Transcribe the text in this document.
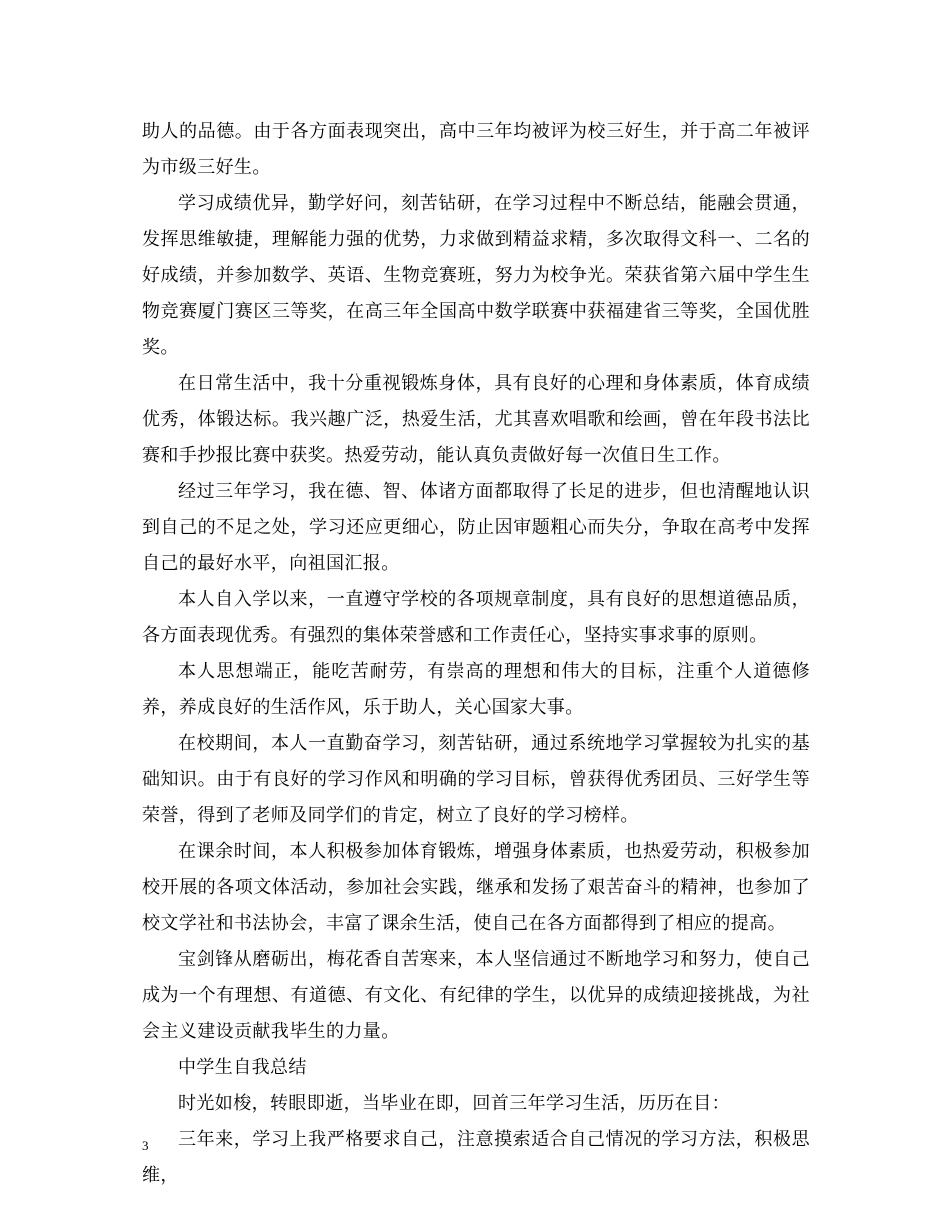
助人的品德。由于各方面表现突出，高中三年均被评为校三好生，并于高二年被评为市级三好生。

学习成绩优异，勤学好问，刻苦钻研，在学习过程中不断总结，能融会贯通，发挥思维敏捷，理解能力强的优势，力求做到精益求精，多次取得文科一、二名的好成绩，并参加数学、英语、生物竞赛班，努力为校争光。荣获省第六届中学生生物竞赛厦门赛区三等奖，在高三年全国高中数学联赛中获福建省三等奖，全国优胜奖。

在日常生活中，我十分重视锻炼身体，具有良好的心理和身体素质，体育成绩优秀，体锻达标。我兴趣广泛，热爱生活，尤其喜欢唱歌和绘画，曾在年段书法比赛和手抄报比赛中获奖。热爱劳动，能认真负责做好每一次值日生工作。

经过三年学习，我在德、智、体诸方面都取得了长足的进步，但也清醒地认识到自己的不足之处，学习还应更细心，防止因审题粗心而失分，争取在高考中发挥自己的最好水平，向祖国汇报。

本人自入学以来，一直遵守学校的各项规章制度，具有良好的思想道德品质，各方面表现优秀。有强烈的集体荣誉感和工作责任心，坚持实事求事的原则。

本人思想端正，能吃苦耐劳，有崇高的理想和伟大的目标，注重个人道德修养，养成良好的生活作风，乐于助人，关心国家大事。

在校期间，本人一直勤奋学习，刻苦钻研，通过系统地学习掌握较为扎实的基础知识。由于有良好的学习作风和明确的学习目标，曾获得优秀团员、三好学生等荣誉，得到了老师及同学们的肯定，树立了良好的学习榜样。

在课余时间，本人积极参加体育锻炼，增强身体素质，也热爱劳动，积极参加校开展的各项文体活动，参加社会实践，继承和发扬了艰苦奋斗的精神，也参加了校文学社和书法协会，丰富了课余生活，使自己在各方面都得到了相应的提高。

宝剑锋从磨砺出，梅花香自苦寒来，本人坚信通过不断地学习和努力，使自己成为一个有理想、有道德、有文化、有纪律的学生，以优异的成绩迎接挑战，为社会主义建设贡献我毕生的力量。

中学生自我总结

时光如梭，转眼即逝，当毕业在即，回首三年学习生活，历历在目：

三年来，学习上我严格要求自己，注意摸索适合自己情况的学习方法，积极思维，

3
